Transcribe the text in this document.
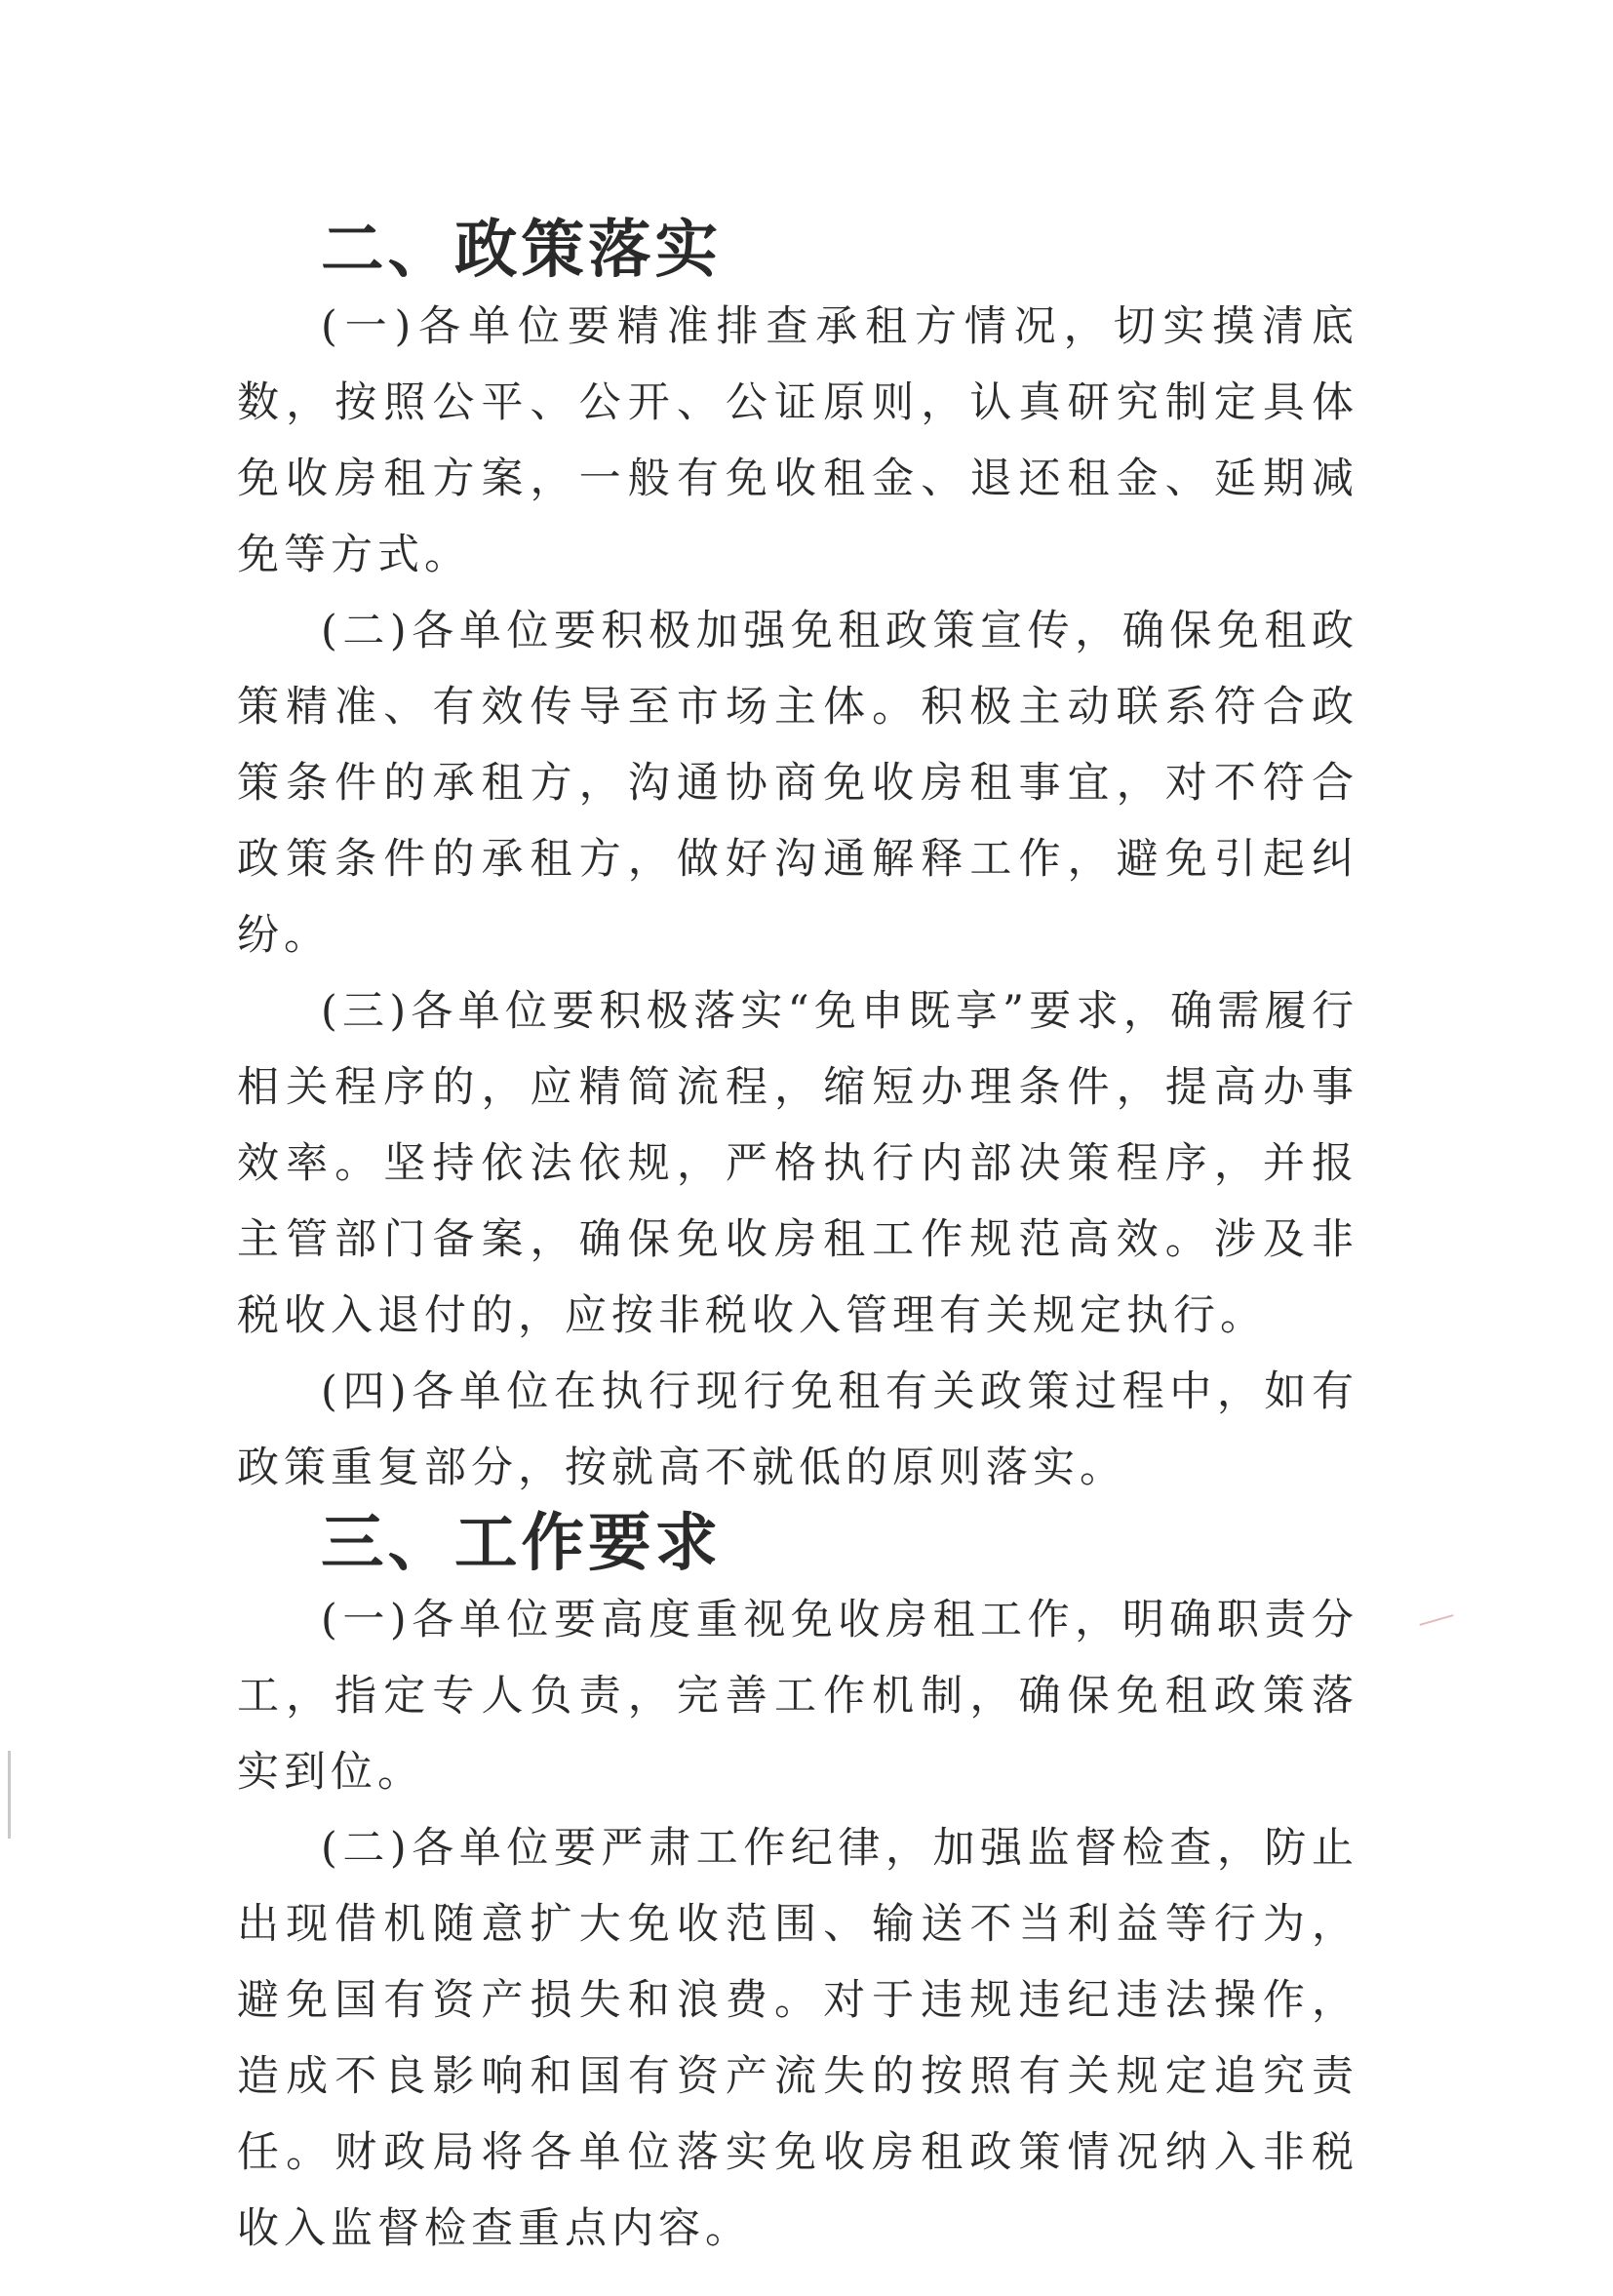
二、政策落实

(一)各单位要精准排查承租方情况，切实摸清底数，按照公平、公开、公证原则，认真研究制定具体免收房租方案，一般有免收租金、退还租金、延期减免等方式。

(二)各单位要积极加强免租政策宣传，确保免租政策精准、有效传导至市场主体。积极主动联系符合政策条件的承租方，沟通协商免收房租事宜，对不符合政策条件的承租方，做好沟通解释工作，避免引起纠纷。

(三)各单位要积极落实“免申既享”要求，确需履行相关程序的，应精简流程，缩短办理条件，提高办事效率。坚持依法依规，严格执行内部决策程序，并报主管部门备案，确保免收房租工作规范高效。涉及非税收入退付的，应按非税收入管理有关规定执行。

(四)各单位在执行现行免租有关政策过程中，如有政策重复部分，按就高不就低的原则落实。

三、工作要求

(一)各单位要高度重视免收房租工作，明确职责分工，指定专人负责，完善工作机制，确保免租政策落实到位。

(二)各单位要严肃工作纪律，加强监督检查，防止出现借机随意扩大免收范围、输送不当利益等行为，避免国有资产损失和浪费。对于违规违纪违法操作，造成不良影响和国有资产流失的按照有关规定追究责任。财政局将各单位落实免收房租政策情况纳入非税收入监督检查重点内容。
